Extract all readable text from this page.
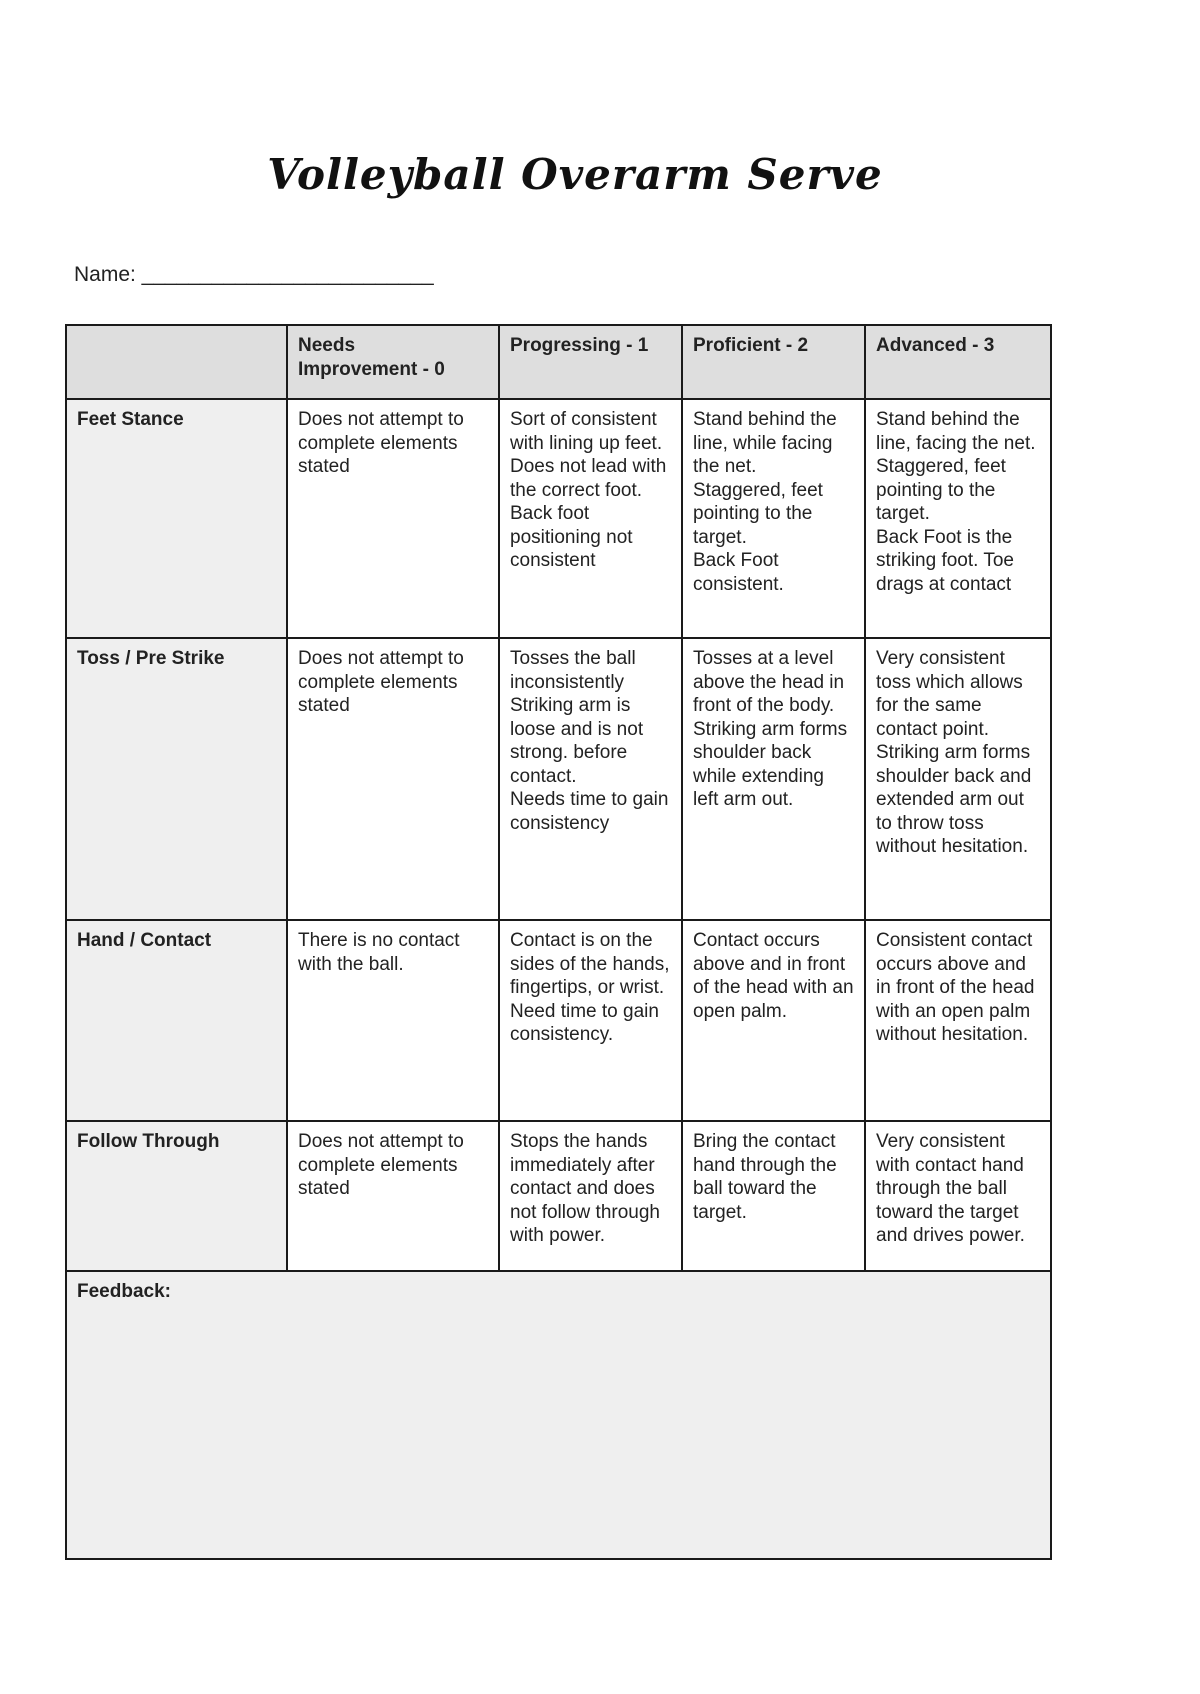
Volleyball Overarm Serve
Name: _________________________
	Needs
Improvement - 0	Progressing - 1	Proficient - 2	Advanced - 3
Feet Stance	Does not attempt to complete elements stated	Sort of consistent with lining up feet.
Does not lead with the correct foot.
Back foot positioning not consistent	Stand behind the line, while facing the net.
Staggered, feet pointing to the target.
Back Foot consistent.	Stand behind the line, facing the net.
Staggered, feet pointing to the target.
Back Foot is the striking foot. Toe drags at contact
Toss / Pre Strike	Does not attempt to complete elements stated	Tosses the ball inconsistently
Striking arm is loose and is not strong. before contact.
Needs time to gain consistency	Tosses at a level above the head in front of the body.
Striking arm forms shoulder back while extending left arm out.	Very consistent toss which allows for the same contact point.
Striking arm forms shoulder back and extended arm out to throw toss without hesitation.
Hand / Contact	There is no contact with the ball.	Contact is on the sides of the hands, fingertips, or wrist.
Need time to gain consistency.	Contact occurs above and in front of the head with an open palm.	Consistent contact occurs above and in front of the head with an open palm without hesitation.
Follow Through	Does not attempt to complete elements stated	Stops the hands immediately after contact and does not follow through with power.	Bring the contact hand through the ball toward the target.	Very consistent with contact hand through the ball toward the target and drives power.
Feedback:				
